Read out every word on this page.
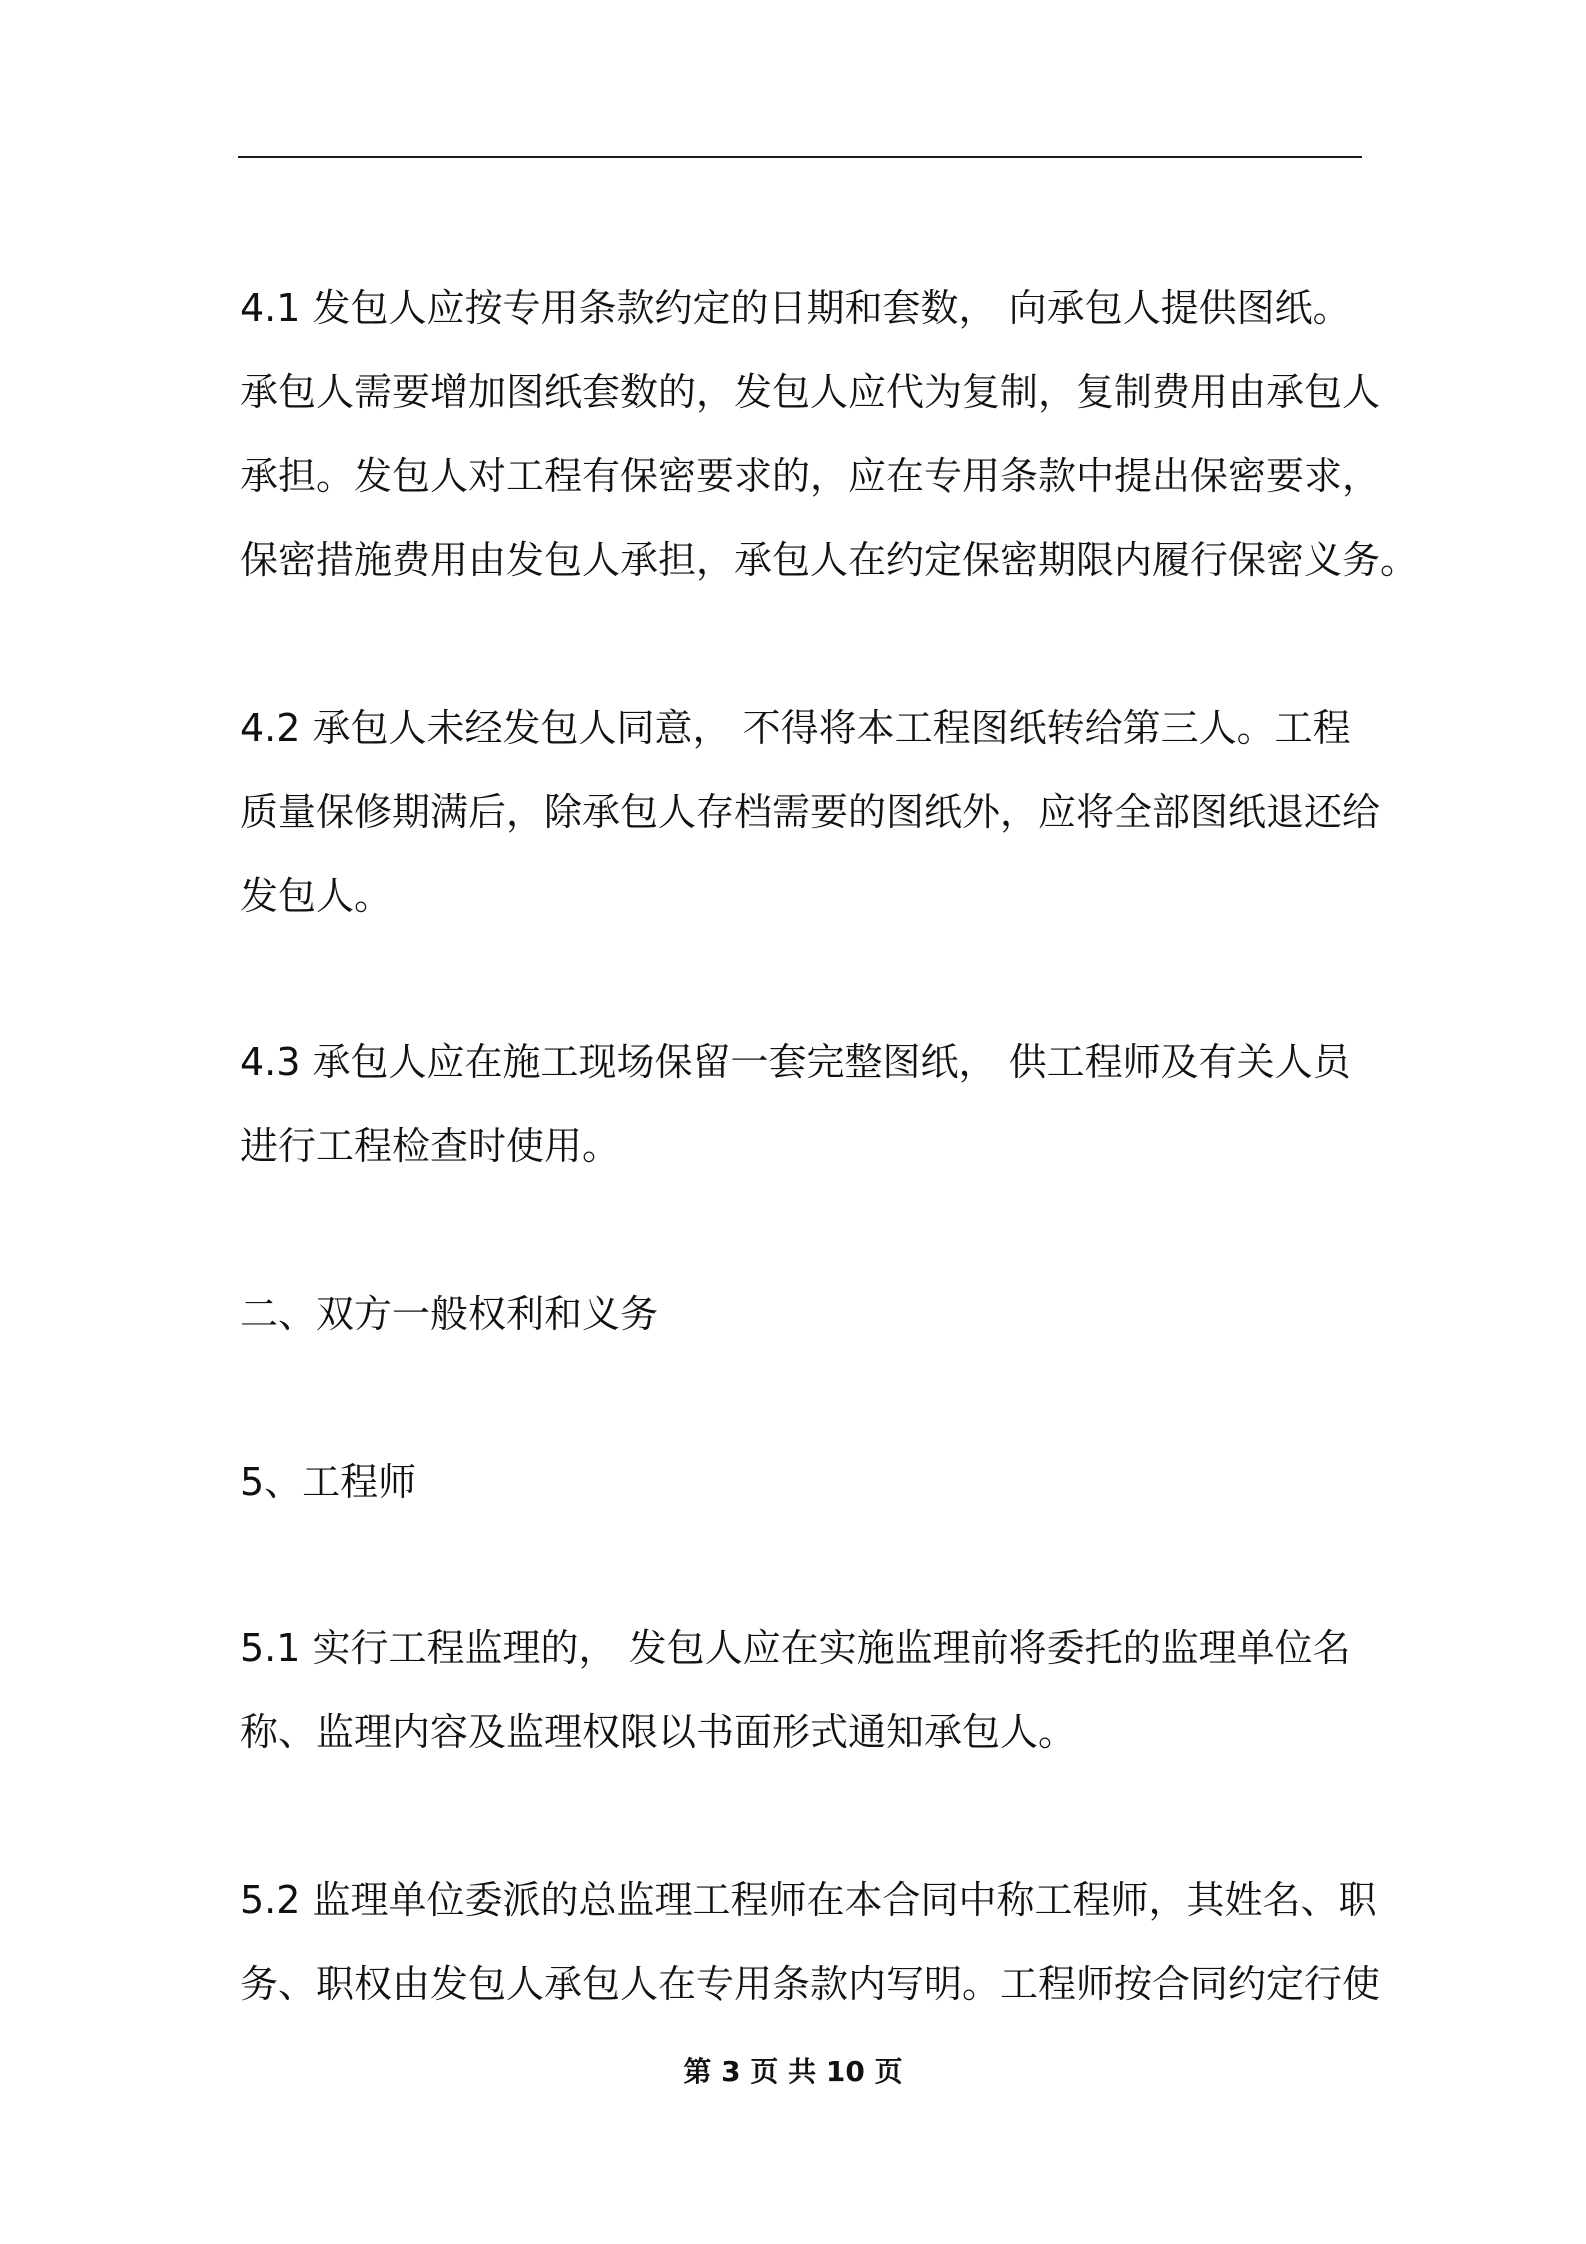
4.1 发包人应按专用条款约定的日期和套数， 向承包人提供图纸。
承包人需要增加图纸套数的，发包人应代为复制，复制费用由承包人
承担。发包人对工程有保密要求的，应在专用条款中提出保密要求，
保密措施费用由发包人承担，承包人在约定保密期限内履行保密义务。
4.2 承包人未经发包人同意， 不得将本工程图纸转给第三人。工程
质量保修期满后，除承包人存档需要的图纸外，应将全部图纸退还给
发包人。
4.3 承包人应在施工现场保留一套完整图纸， 供工程师及有关人员
进行工程检查时使用。
二、双方一般权利和义务
5、工程师
5.1 实行工程监理的， 发包人应在实施监理前将委托的监理单位名
称、监理内容及监理权限以书面形式通知承包人。
5.2 监理单位委派的总监理工程师在本合同中称工程师，其姓名、职
务、职权由发包人承包人在专用条款内写明。工程师按合同约定行使
第 3 页 共 10 页
